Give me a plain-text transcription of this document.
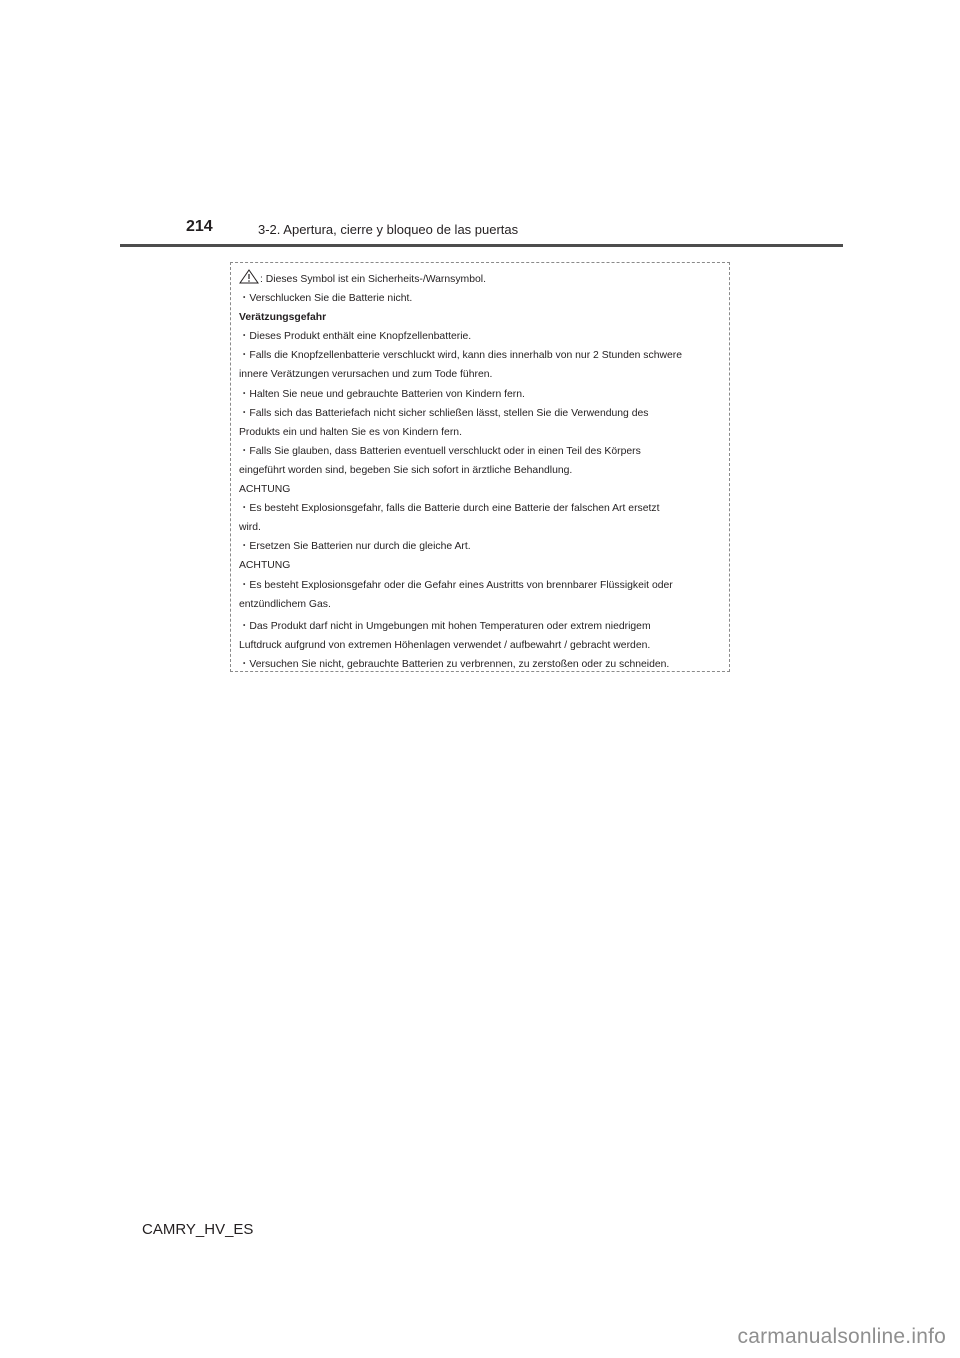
214	3-2. Apertura, cierre y bloqueo de las puertas
: Dieses Symbol ist ein Sicherheits-/Warnsymbol.
・Verschlucken Sie die Batterie nicht.
Verätzungsgefahr
・Dieses Produkt enthält eine Knopfzellenbatterie.
・Falls die Knopfzellenbatterie verschluckt wird, kann dies innerhalb von nur 2 Stunden schwere
innere Verätzungen verursachen und zum Tode führen.
・Halten Sie neue und gebrauchte Batterien von Kindern fern.
・Falls sich das Batteriefach nicht sicher schließen lässt, stellen Sie die Verwendung des
Produkts ein und halten Sie es von Kindern fern.
・Falls Sie glauben, dass Batterien eventuell verschluckt oder in einen Teil des Körpers
eingeführt worden sind, begeben Sie sich sofort in ärztliche Behandlung.
ACHTUNG
・Es besteht Explosionsgefahr, falls die Batterie durch eine Batterie der falschen Art ersetzt
wird.
・Ersetzen Sie Batterien nur durch die gleiche Art.
ACHTUNG
・Es besteht Explosionsgefahr oder die Gefahr eines Austritts von brennbarer Flüssigkeit oder
entzündlichem Gas.
・Das Produkt darf nicht in Umgebungen mit hohen Temperaturen oder extrem niedrigem
Luftdruck aufgrund von extremen Höhenlagen verwendet / aufbewahrt / gebracht werden.
・Versuchen Sie nicht, gebrauchte Batterien zu verbrennen, zu zerstoßen oder zu schneiden.
CAMRY_HV_ES
carmanualsonline.info
